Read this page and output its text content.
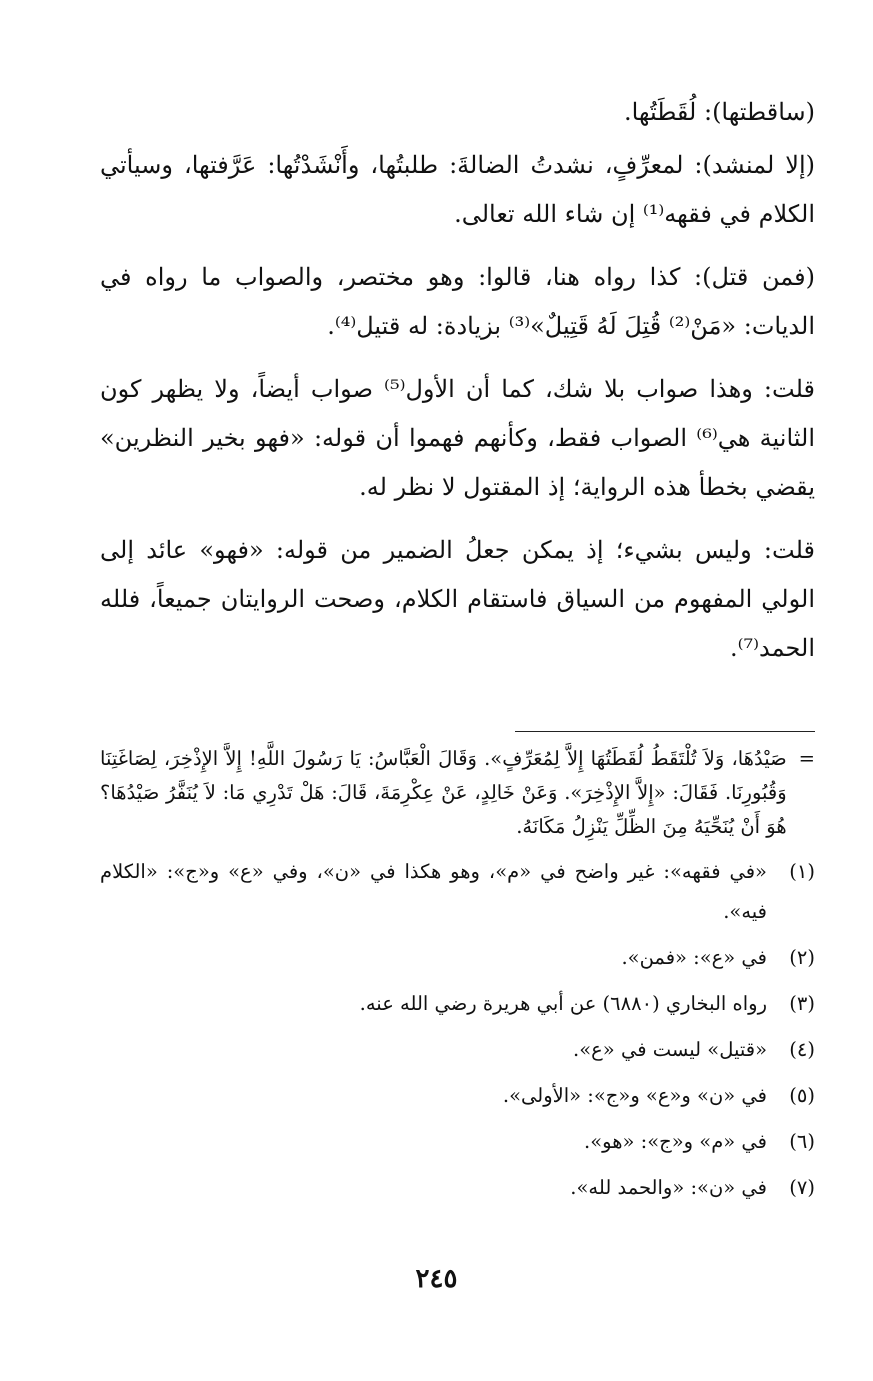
(ساقطتها): لُقَطَتُها.

(إلا لمنشد): لمعرِّفٍ، نشدتُ الضالةَ: طلبتُها، وأَنْشَدْتُها: عَرَّفتها، وسيأتي الكلام في فقهه⁽¹⁾ إن شاء الله تعالى.

(فمن قتل): كذا رواه هنا، قالوا: وهو مختصر، والصواب ما رواه في الديات: «مَنْ⁽²⁾ قُتِلَ لَهُ قَتِيلٌ»⁽³⁾ بزيادة: له قتيل⁽⁴⁾.

قلت: وهذا صواب بلا شك، كما أن الأول⁽⁵⁾ صواب أيضاً، ولا يظهر كون الثانية هي⁽⁶⁾ الصواب فقط، وكأنهم فهموا أن قوله: «فهو بخير النظرين» يقضي بخطأ هذه الرواية؛ إذ المقتول لا نظر له.

قلت: وليس بشيء؛ إذ يمكن جعلُ الضمير من قوله: «فهو» عائد إلى الولي المفهوم من السياق فاستقام الكلام، وصحت الروايتان جميعاً، فلله الحمد⁽⁷⁾.

=
صَيْدُهَا، وَلاَ تُلْتَقَطُ لُقَطَتُهَا إِلاَّ لِمُعَرِّفٍ». وَقَالَ الْعَبَّاسُ: يَا رَسُولَ اللَّهِ! إِلاَّ الإِذْخِرَ، لِصَاغَتِنَا وَقُبُورِنَا. فَقَالَ: «إِلاَّ الإِذْخِرَ». وَعَنْ خَالِدٍ، عَنْ عِكْرِمَةَ، قَالَ: هَلْ تَدْرِي مَا: لاَ يُنَفَّرُ صَيْدُهَا؟ هُوَ أَنْ يُنَحِّيَهُ مِنَ الظِّلِّ يَنْزِلُ مَكَانَهُ.
(١)
«في فقهه»: غير واضح في «م»، وهو هكذا في «ن»، وفي «ع» و«ج»: «الكلام فيه».
(٢)
في «ع»: «فمن».
(٣)
رواه البخاري (٦٨٨٠) عن أبي هريرة رضي الله عنه.
(٤)
«قتيل» ليست في «ع».
(٥)
في «ن» و«ع» و«ج»: «الأولى».
(٦)
في «م» و«ج»: «هو».
(٧)
في «ن»: «والحمد لله».
٢٤٥
